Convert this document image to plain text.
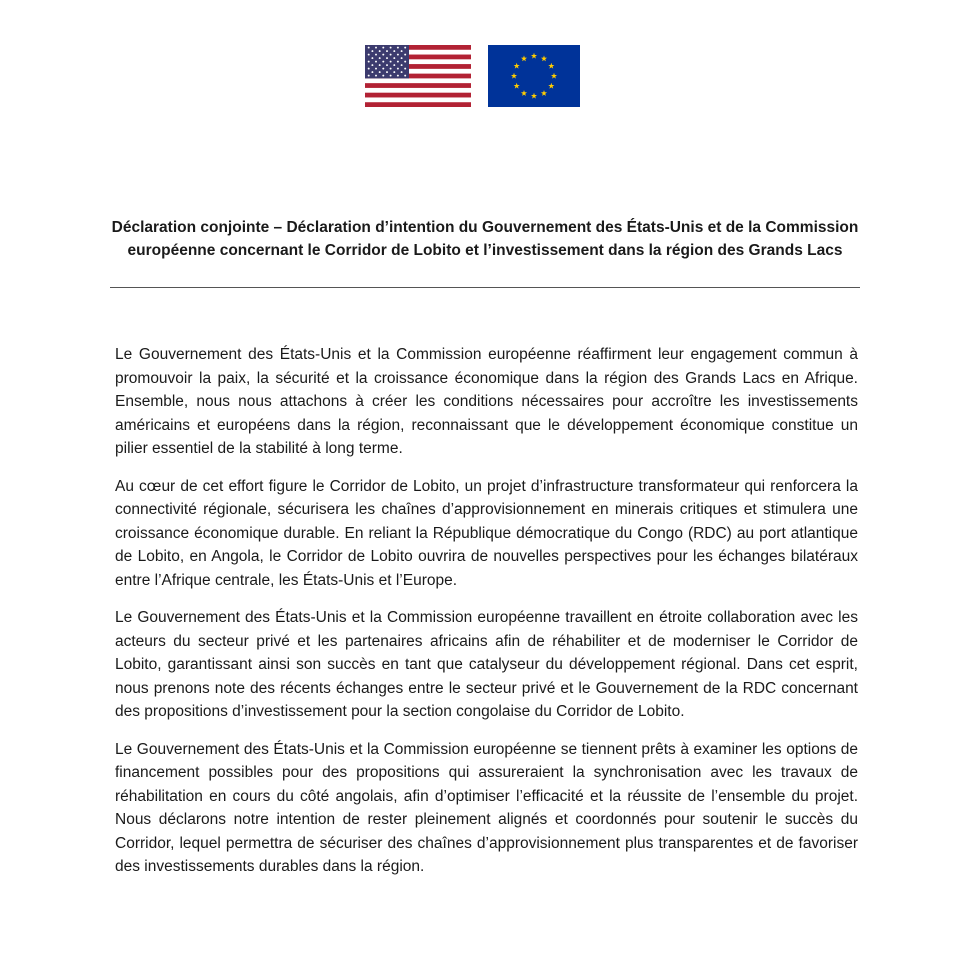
Déclaration conjointe – Déclaration d’intention du Gouvernement des États-Unis et de la Commission européenne concernant le Corridor de Lobito et l’investissement dans la région des Grands Lacs

Le Gouvernement des États-Unis et la Commission européenne réaffirment leur engagement commun à promouvoir la paix, la sécurité et la croissance économique dans la région des Grands Lacs en Afrique. Ensemble, nous nous attachons à créer les conditions nécessaires pour accroître les investissements américains et européens dans la région, reconnaissant que le développement économique constitue un pilier essentiel de la stabilité à long terme.

Au cœur de cet effort figure le Corridor de Lobito, un projet d’infrastructure transformateur qui renforcera la connectivité régionale, sécurisera les chaînes d’approvisionnement en minerais critiques et stimulera une croissance économique durable. En reliant la République démocratique du Congo (RDC) au port atlantique de Lobito, en Angola, le Corridor de Lobito ouvrira de nouvelles perspectives pour les échanges bilatéraux entre l’Afrique centrale, les États-Unis et l’Europe.

Le Gouvernement des États-Unis et la Commission européenne travaillent en étroite collaboration avec les acteurs du secteur privé et les partenaires africains afin de réhabiliter et de moderniser le Corridor de Lobito, garantissant ainsi son succès en tant que catalyseur du développement régional. Dans cet esprit, nous prenons note des récents échanges entre le secteur privé et le Gouvernement de la RDC concernant des propositions d’investissement pour la section congolaise du Corridor de Lobito.

Le Gouvernement des États-Unis et la Commission européenne se tiennent prêts à examiner les options de financement possibles pour des propositions qui assureraient la synchronisation avec les travaux de réhabilitation en cours du côté angolais, afin d’optimiser l’efficacité et la réussite de l’ensemble du projet. Nous déclarons notre intention de rester pleinement alignés et coordonnés pour soutenir le succès du Corridor, lequel permettra de sécuriser des chaînes d’approvisionnement plus transparentes et de favoriser des investissements durables dans la région.
